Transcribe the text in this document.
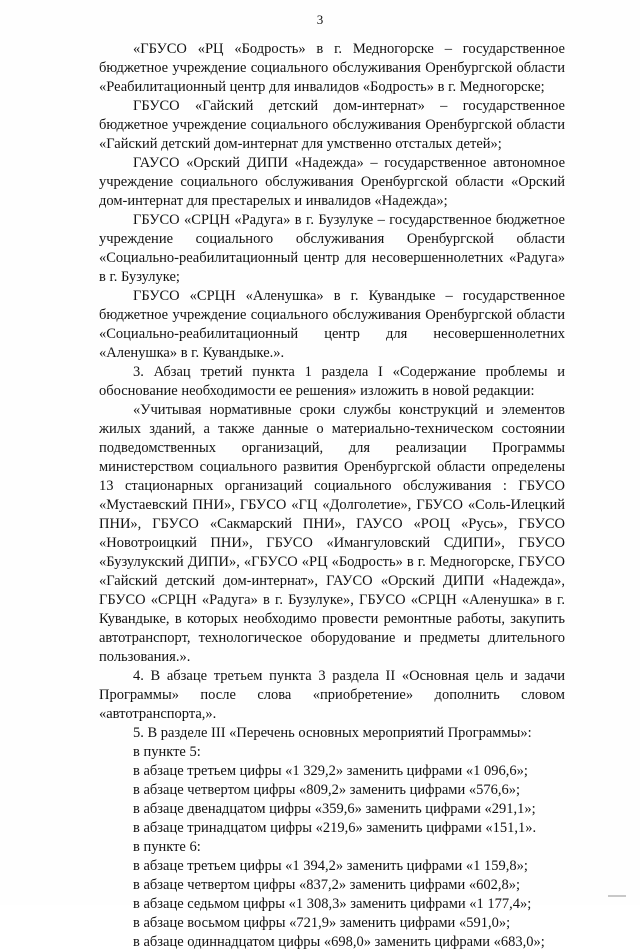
3

«ГБУСО «РЦ «Бодрость» в г. Медногорске – государственное бюджетное учреждение социального обслуживания Оренбургской области «Реабилитационный центр для инвалидов «Бодрость» в г. Медногорске;

ГБУСО «Гайский детский дом-интернат» – государственное бюджетное учреждение социального обслуживания Оренбургской области «Гайский детский дом-интернат для умственно отсталых детей»;

ГАУСО «Орский ДИПИ «Надежда» – государственное автономное учреждение социального обслуживания Оренбургской области «Орский дом-интернат для престарелых и инвалидов «Надежда»;

ГБУСО «СРЦН «Радуга» в г. Бузулуке – государственное бюджетное учреждение социального обслуживания Оренбургской области «Социально-реабилитационный центр для несовершеннолетних «Радуга» в г. Бузулуке;

ГБУСО «СРЦН «Аленушка» в г. Кувандыке – государственное бюджетное учреждение социального обслуживания Оренбургской области «Социально-реабилитационный центр для несовершеннолетних «Аленушка» в г. Кувандыке.».

3. Абзац третий пункта 1 раздела I «Содержание проблемы и обоснование необходимости ее решения» изложить в новой редакции:

«Учитывая нормативные сроки службы конструкций и элементов жилых зданий, а также данные о материально-техническом состоянии подведомственных организаций, для реализации Программы министерством социального развития Оренбургской области определены 13 стационарных организаций социального обслуживания : ГБУСО «Мустаевский ПНИ», ГБУСО «ГЦ «Долголетие», ГБУСО «Соль-Илецкий ПНИ», ГБУСО «Сакмарский ПНИ», ГАУСО «РОЦ «Русь», ГБУСО «Новотроицкий ПНИ», ГБУСО «Имангуловский СДИПИ», ГБУСО «Бузулукский ДИПИ», «ГБУСО «РЦ «Бодрость» в г. Медногорске, ГБУСО «Гайский детский дом-интернат», ГАУСО «Орский ДИПИ «Надежда», ГБУСО «СРЦН «Радуга» в г. Бузулуке», ГБУСО «СРЦН «Аленушка» в г. Кувандыке, в которых необходимо провести ремонтные работы, закупить автотранспорт, технологическое оборудование и предметы длительного пользования.».

4. В абзаце третьем пункта 3 раздела II «Основная цель и задачи Программы» после слова «приобретение» дополнить словом «автотранспорта,».

5. В разделе III «Перечень основных мероприятий Программы»:

в пункте 5:

в абзаце третьем цифры «1 329,2» заменить цифрами «1 096,6»;

в абзаце четвертом цифры «809,2» заменить цифрами «576,6»;

в абзаце двенадцатом цифры «359,6» заменить цифрами «291,1»;

в абзаце тринадцатом цифры «219,6» заменить цифрами «151,1».

в пункте 6:

в абзаце третьем цифры «1 394,2» заменить цифрами «1 159,8»;

в абзаце четвертом цифры «837,2» заменить цифрами «602,8»;

в абзаце седьмом цифры «1 308,3» заменить цифрами «1 177,4»;

в абзаце восьмом цифры «721,9» заменить цифрами «591,0»;

в абзаце одиннадцатом цифры «698,0» заменить цифрами «683,0»;
